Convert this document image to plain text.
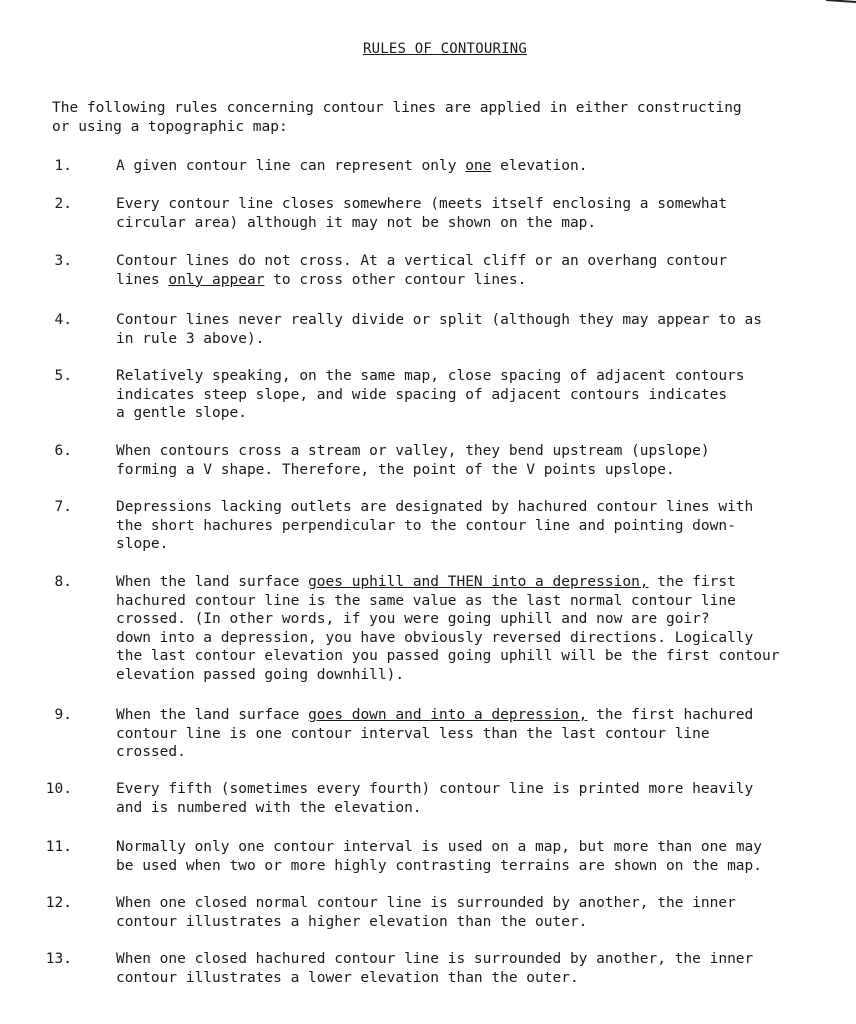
RULES OF CONTOURING
The following rules concerning contour lines are applied in either constructing
or using a topographic map:
1.	A given contour line can represent only one elevation.
2.	Every contour line closes somewhere (meets itself enclosing a somewhat
circular area) although it may not be shown on the map.
3.	Contour lines do not cross. At a vertical cliff or an overhang contour
lines only appear to cross other contour lines.
4.	Contour lines never really divide or split (although they may appear to as
in rule 3 above).
5.	Relatively speaking, on the same map, close spacing of adjacent contours
indicates steep slope, and wide spacing of adjacent contours indicates
a gentle slope.
6.	When contours cross a stream or valley, they bend upstream (upslope)
forming a V shape. Therefore, the point of the V points upslope.
7.	Depressions lacking outlets are designated by hachured contour lines with
the short hachures perpendicular to the contour line and pointing down-
slope.
8.	When the land surface goes uphill and THEN into a depression, the first
hachured contour line is the same value as the last normal contour line
crossed. (In other words, if you were going uphill and now are goir?
down into a depression, you have obviously reversed directions. Logically
the last contour elevation you passed going uphill will be the first contour
elevation passed going downhill).
9.	When the land surface goes down and into a depression, the first hachured
contour line is one contour interval less than the last contour line
crossed.
10.	Every fifth (sometimes every fourth) contour line is printed more heavily
and is numbered with the elevation.
11.	Normally only one contour interval is used on a map, but more than one may
be used when two or more highly contrasting terrains are shown on the map.
12.	When one closed normal contour line is surrounded by another, the inner
contour illustrates a higher elevation than the outer.
13.	When one closed hachured contour line is surrounded by another, the inner
contour illustrates a lower elevation than the outer.
